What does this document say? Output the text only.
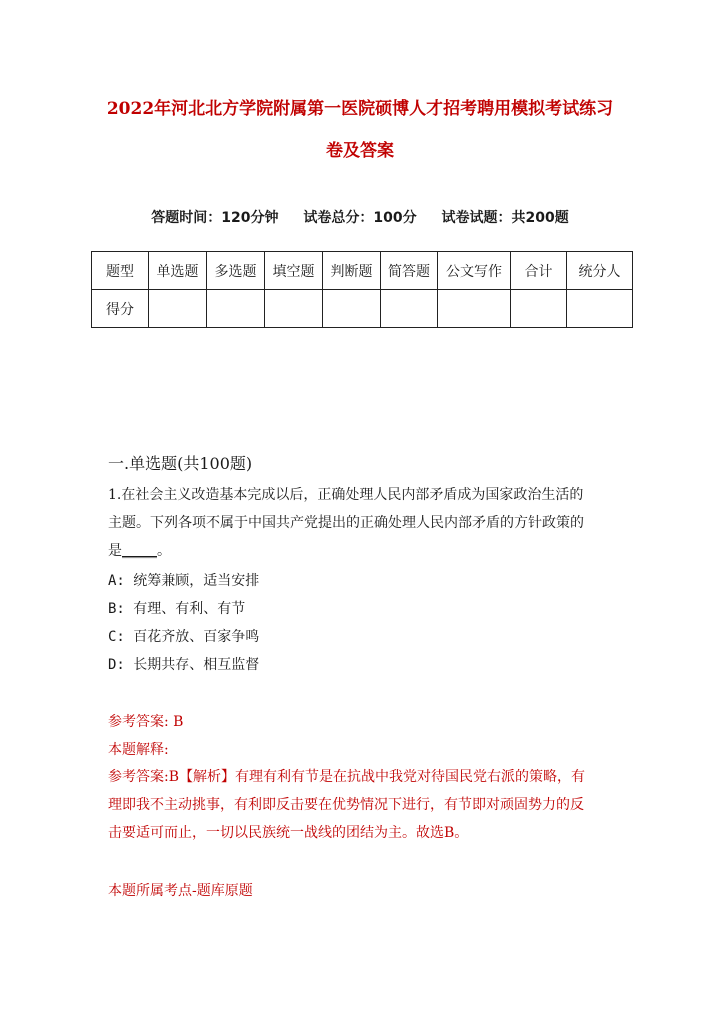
2022年河北北方学院附属第一医院硕博人才招考聘用模拟考试练习
卷及答案
答题时间：120分钟 试卷总分：100分 试卷试题：共200题
题型	单选题	多选题	填空题	判断题	简答题	公文写作	合计	统分人
得分								
一.单选题(共100题)
1.在社会主义改造基本完成以后，正确处理人民内部矛盾成为国家政治生活的
主题。下列各项不属于中国共产党提出的正确处理人民内部矛盾的方针政策的
是_____。
A: 统筹兼顾，适当安排
B: 有理、有利、有节
C: 百花齐放、百家争鸣
D: 长期共存、相互监督
参考答案: B
本题解释:
参考答案:B【解析】有理有利有节是在抗战中我党对待国民党右派的策略，有
理即我不主动挑事，有利即反击要在优势情况下进行，有节即对顽固势力的反
击要适可而止，一切以民族统一战线的团结为主。故选B。
本题所属考点-题库原题
